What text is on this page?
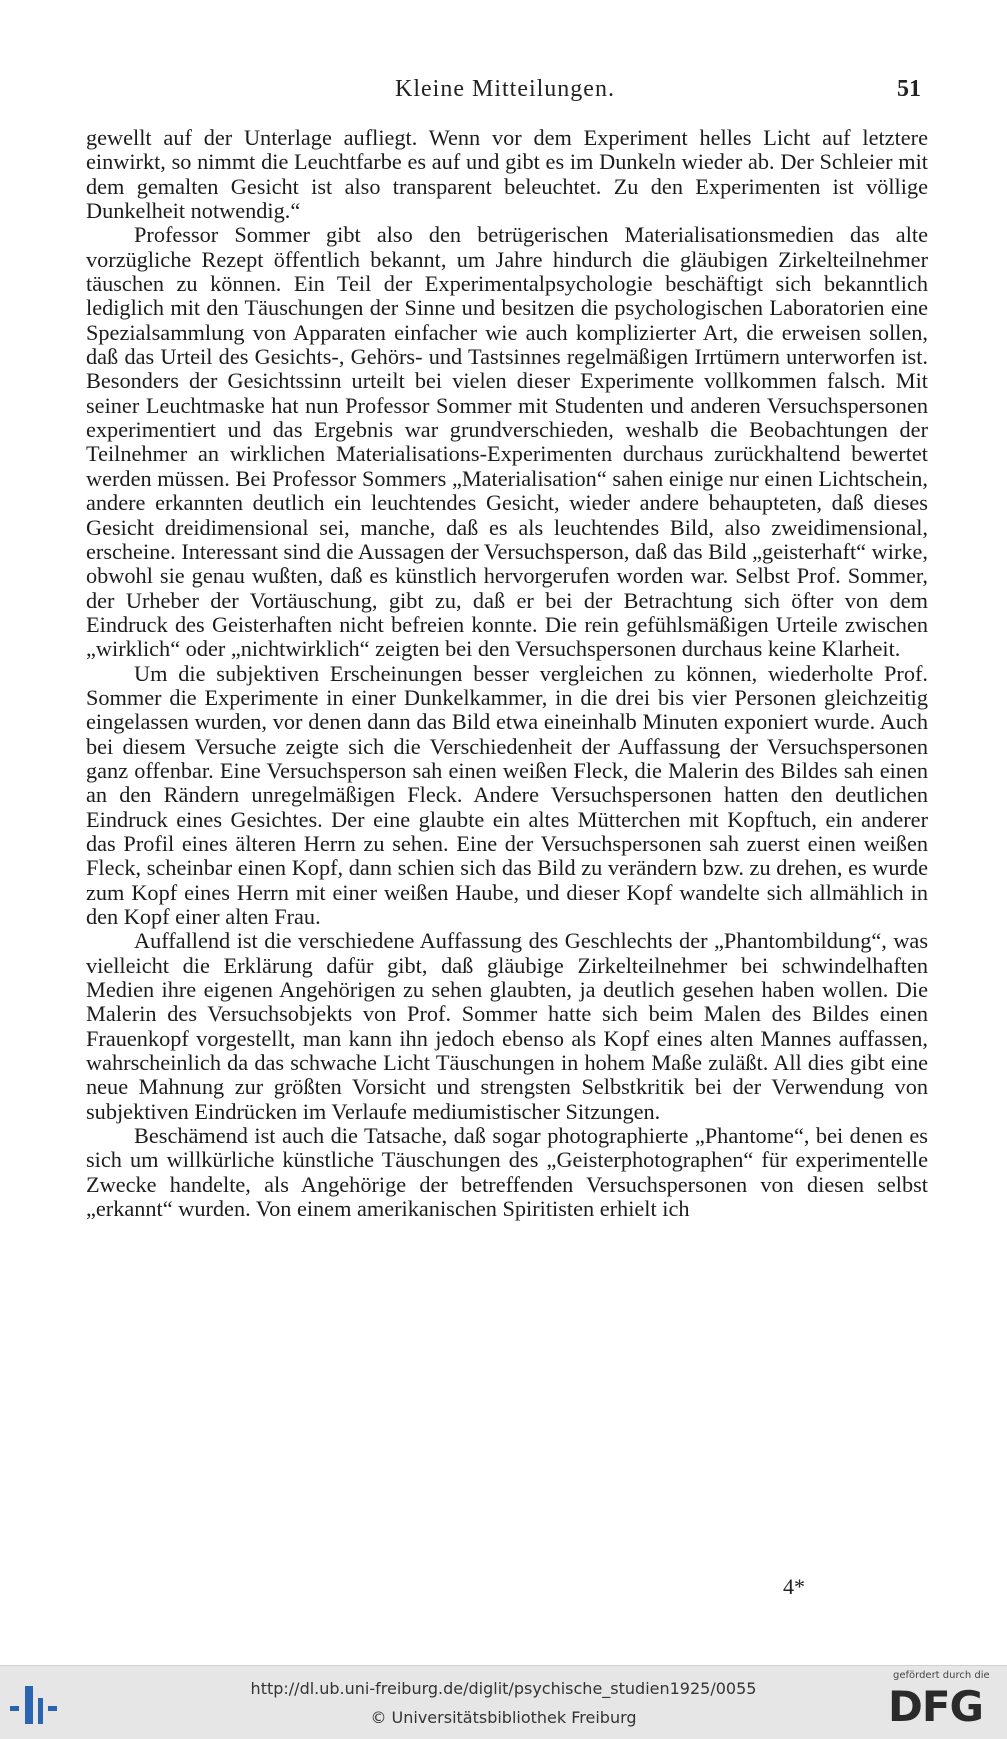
Kleine Mitteilungen.	51

gewellt auf der Unterlage aufliegt. Wenn vor dem Experiment helles Licht auf letztere einwirkt, so nimmt die Leuchtfarbe es auf und gibt es im Dunkeln wieder ab. Der Schleier mit dem gemalten Gesicht ist also transparent beleuchtet. Zu den Experimenten ist völlige Dunkelheit notwendig.“

Professor Sommer gibt also den betrügerischen Materialisationsmedien das alte vorzügliche Rezept öffentlich bekannt, um Jahre hindurch die gläubigen Zirkelteilnehmer täuschen zu können. Ein Teil der Experimentalpsychologie beschäftigt sich bekanntlich lediglich mit den Täuschungen der Sinne und besitzen die psychologischen Laboratorien eine Spezialsammlung von Apparaten einfacher wie auch komplizierter Art, die erweisen sollen, daß das Urteil des Gesichts-, Gehörs- und Tastsinnes regelmäßigen Irrtümern unterworfen ist. Besonders der Gesichtssinn urteilt bei vielen dieser Experimente vollkommen falsch. Mit seiner Leuchtmaske hat nun Professor Sommer mit Studenten und anderen Versuchspersonen experimentiert und das Ergebnis war grundverschieden, weshalb die Beobachtungen der Teilnehmer an wirklichen Materialisations-Experimenten durchaus zurückhaltend bewertet werden müssen. Bei Professor Sommers „Materialisation“ sahen einige nur einen Lichtschein, andere erkannten deutlich ein leuchtendes Gesicht, wieder andere behaupteten, daß dieses Gesicht dreidimensional sei, manche, daß es als leuchtendes Bild, also zweidimensional, erscheine. Interessant sind die Aussagen der Versuchsperson, daß das Bild „geisterhaft“ wirke, obwohl sie genau wußten, daß es künstlich hervorgerufen worden war. Selbst Prof. Sommer, der Urheber der Vortäuschung, gibt zu, daß er bei der Betrachtung sich öfter von dem Eindruck des Geisterhaften nicht befreien konnte. Die rein gefühlsmäßigen Urteile zwischen „wirklich“ oder „nichtwirklich“ zeigten bei den Versuchspersonen durchaus keine Klarheit.

Um die subjektiven Erscheinungen besser vergleichen zu können, wiederholte Prof. Sommer die Experimente in einer Dunkelkammer, in die drei bis vier Personen gleichzeitig eingelassen wurden, vor denen dann das Bild etwa eineinhalb Minuten exponiert wurde. Auch bei diesem Versuche zeigte sich die Verschiedenheit der Auffassung der Versuchspersonen ganz offenbar. Eine Versuchsperson sah einen weißen Fleck, die Malerin des Bildes sah einen an den Rändern unregelmäßigen Fleck. Andere Versuchspersonen hatten den deutlichen Eindruck eines Gesichtes. Der eine glaubte ein altes Mütterchen mit Kopftuch, ein anderer das Profil eines älteren Herrn zu sehen. Eine der Versuchspersonen sah zuerst einen weißen Fleck, scheinbar einen Kopf, dann schien sich das Bild zu verändern bzw. zu drehen, es wurde zum Kopf eines Herrn mit einer weißen Haube, und dieser Kopf wandelte sich allmählich in den Kopf einer alten Frau.

Auffallend ist die verschiedene Auffassung des Geschlechts der „Phantombildung“, was vielleicht die Erklärung dafür gibt, daß gläubige Zirkelteilnehmer bei schwindelhaften Medien ihre eigenen Angehörigen zu sehen glaubten, ja deutlich gesehen haben wollen. Die Malerin des Versuchsobjekts von Prof. Sommer hatte sich beim Malen des Bildes einen Frauenkopf vorgestellt, man kann ihn jedoch ebenso als Kopf eines alten Mannes auffassen, wahrscheinlich da das schwache Licht Täuschungen in hohem Maße zuläßt. All dies gibt eine neue Mahnung zur größten Vorsicht und strengsten Selbstkritik bei der Verwendung von subjektiven Eindrücken im Verlaufe mediumistischer Sitzungen.

Beschämend ist auch die Tatsache, daß sogar photographierte „Phantome“, bei denen es sich um willkürliche künstliche Täuschungen des „Geisterphotographen“ für experimentelle Zwecke handelte, als Angehörige der betreffenden Versuchspersonen von diesen selbst „erkannt“ wurden. Von einem amerikanischen Spiritisten erhielt ich

4*
http://dl.ub.uni-freiburg.de/diglit/psychische_studien1925/0055
© Universitätsbibliothek Freiburg
gefördert durch die
DFG
